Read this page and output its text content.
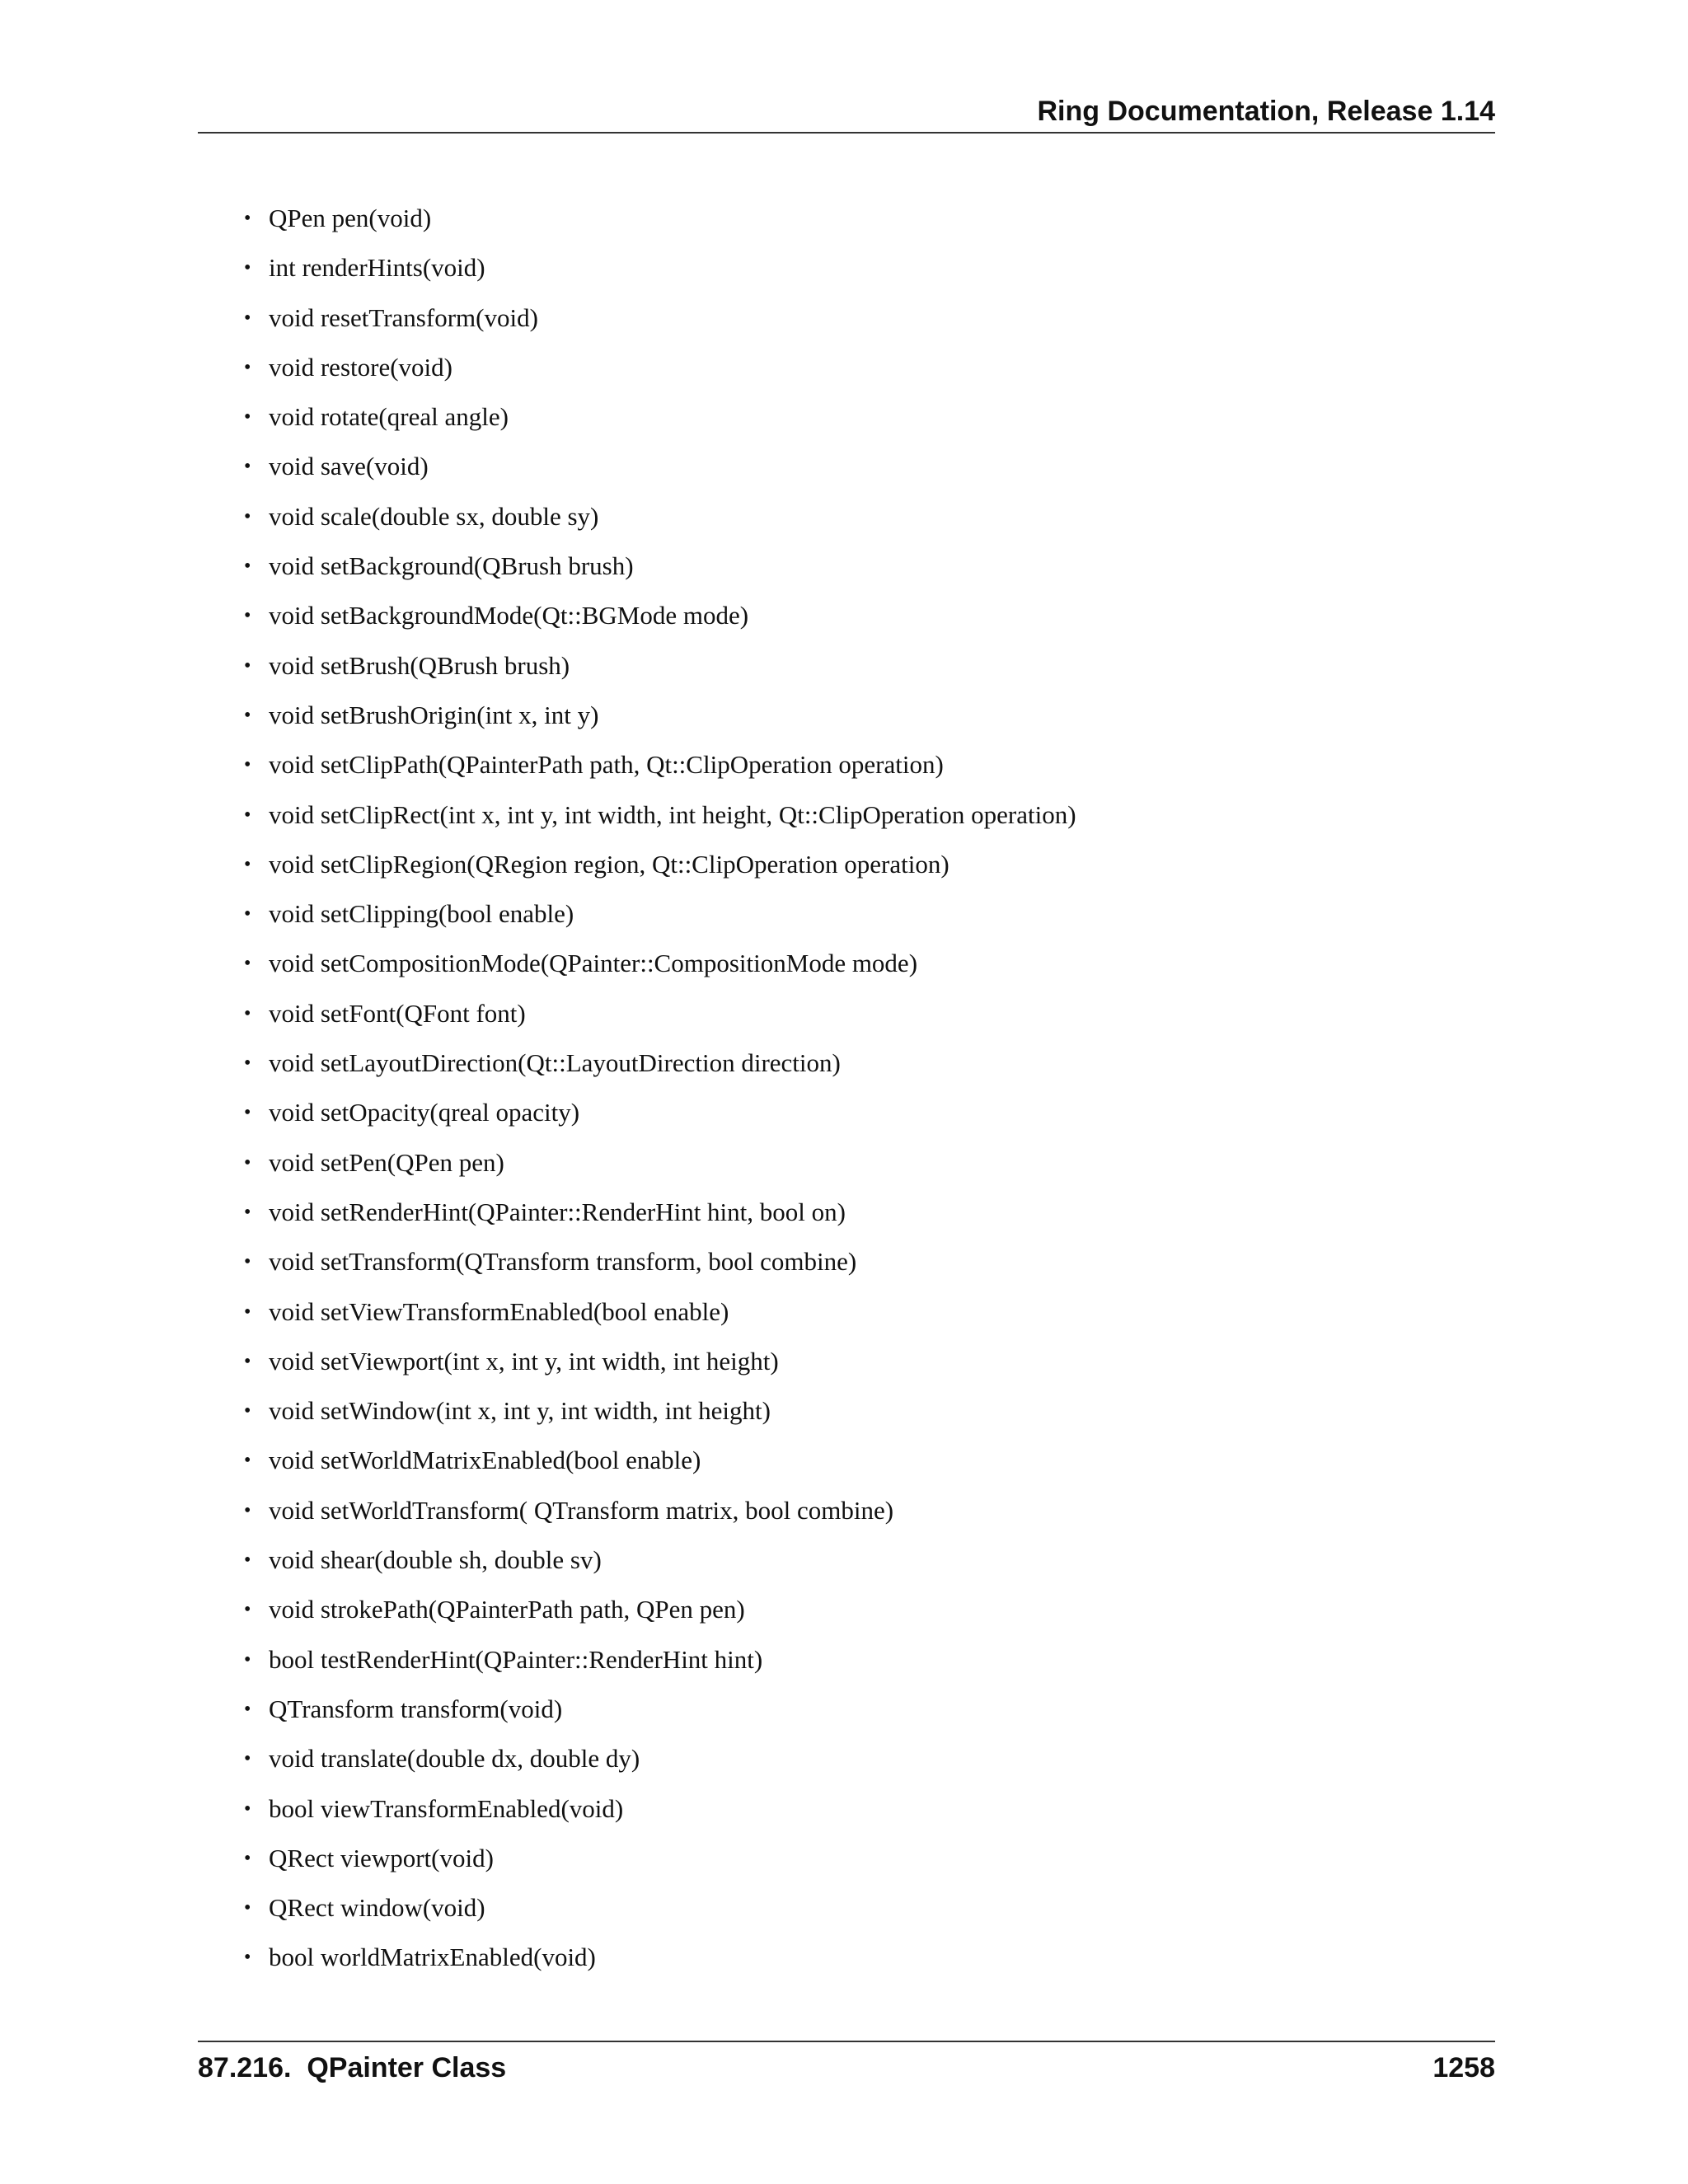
Ring Documentation, Release 1.14
• QPen pen(void)
• int renderHints(void)
• void resetTransform(void)
• void restore(void)
• void rotate(qreal angle)
• void save(void)
• void scale(double sx, double sy)
• void setBackground(QBrush brush)
• void setBackgroundMode(Qt::BGMode mode)
• void setBrush(QBrush brush)
• void setBrushOrigin(int x, int y)
• void setClipPath(QPainterPath path, Qt::ClipOperation operation)
• void setClipRect(int x, int y, int width, int height, Qt::ClipOperation operation)
• void setClipRegion(QRegion region, Qt::ClipOperation operation)
• void setClipping(bool enable)
• void setCompositionMode(QPainter::CompositionMode mode)
• void setFont(QFont font)
• void setLayoutDirection(Qt::LayoutDirection direction)
• void setOpacity(qreal opacity)
• void setPen(QPen pen)
• void setRenderHint(QPainter::RenderHint hint, bool on)
• void setTransform(QTransform transform, bool combine)
• void setViewTransformEnabled(bool enable)
• void setViewport(int x, int y, int width, int height)
• void setWindow(int x, int y, int width, int height)
• void setWorldMatrixEnabled(bool enable)
• void setWorldTransform( QTransform matrix, bool combine)
• void shear(double sh, double sv)
• void strokePath(QPainterPath path, QPen pen)
• bool testRenderHint(QPainter::RenderHint hint)
• QTransform transform(void)
• void translate(double dx, double dy)
• bool viewTransformEnabled(void)
• QRect viewport(void)
• QRect window(void)
• bool worldMatrixEnabled(void)
87.216.  QPainter Class	1258
